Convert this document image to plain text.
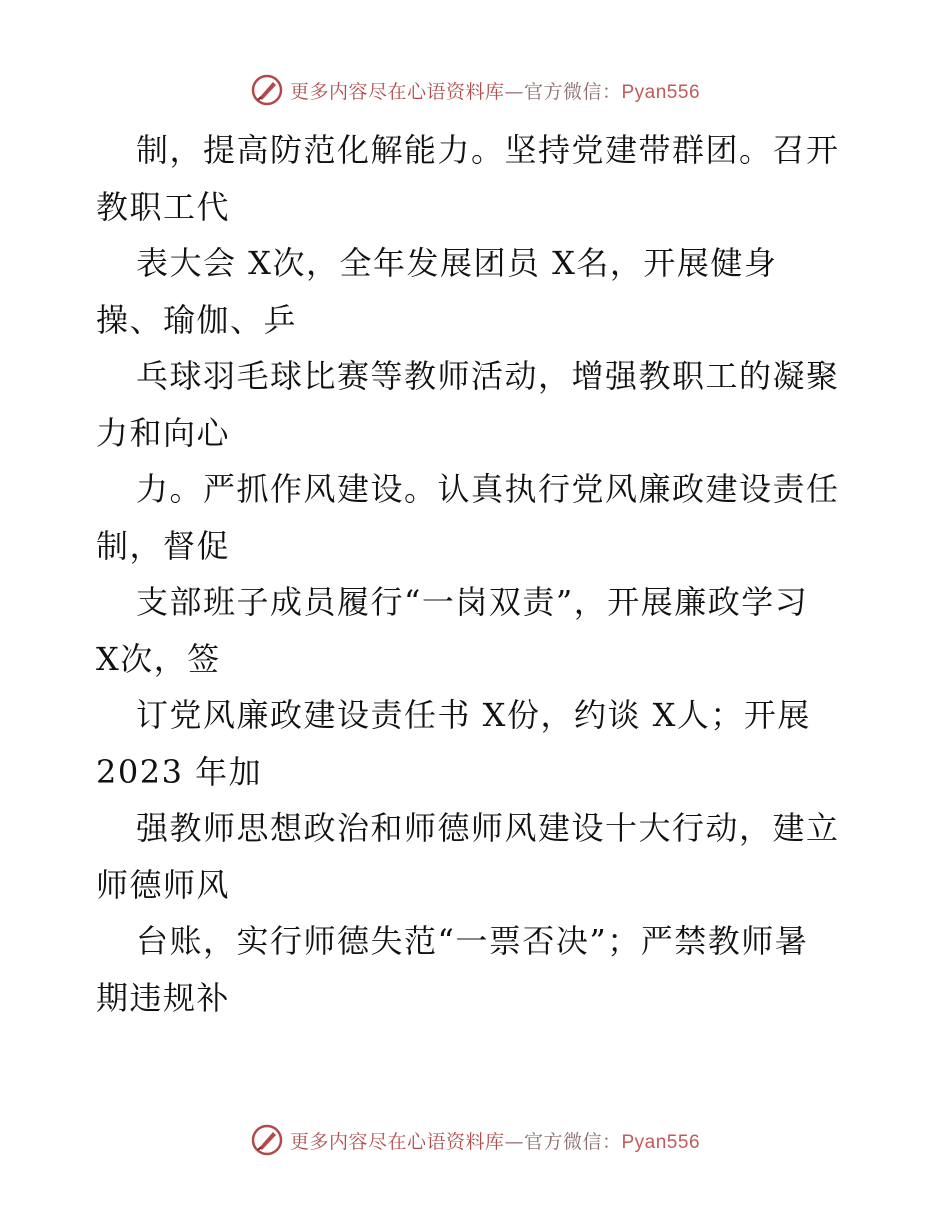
更多内容尽在心语资料库—官方微信：Pyan556
制，提高防范化解能力。坚持党建带群团。召开
教职工代
表大会 X次，全年发展团员 X名，开展健身
操、瑜伽、乒
乓球羽毛球比赛等教师活动，增强教职工的凝聚
力和向心
力。严抓作风建设。认真执行党风廉政建设责任
制，督促
支部班子成员履行“一岗双责”，开展廉政学习
X次，签
订党风廉政建设责任书 X份，约谈 X人；开展
2023 年加
强教师思想政治和师德师风建设十大行动，建立
师德师风
台账，实行师德失范“一票否决”；严禁教师暑
期违规补
更多内容尽在心语资料库—官方微信：Pyan556
